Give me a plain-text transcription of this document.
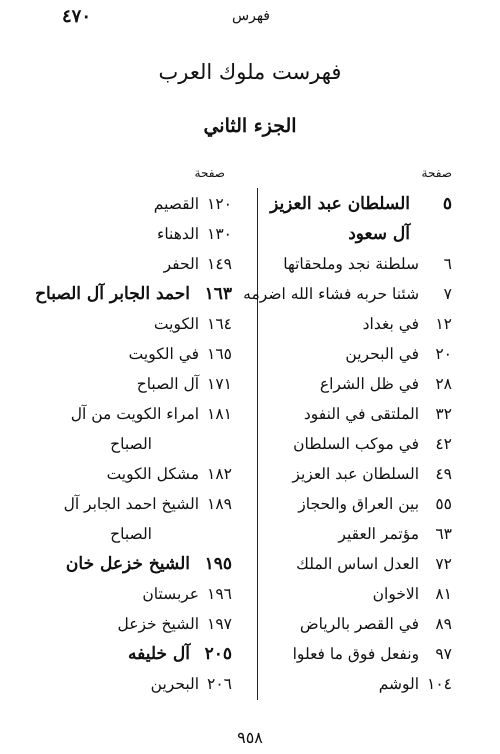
فهرس
٤٧٠
فهرست ملوك العرب
الجزء الثاني
صفحة
صفحة
٥السلطان عبد العزيز
آل سعود
٦ سلطنة نجد وملحقاتها
٧ شئنا حربه فشاء الله اضرمه
١٢ في بغداد
٢٠ في البحرين
٢٨ في ظل الشراع
٣٢ الملتقى في النفود
٤٢ في موكب السلطان
٤٩ السلطان عبد العزيز
٥٥ بين العراق والحجاز
٦٣ مؤتمر العقير
٧٢ العدل اساس الملك
٨١ الاخوان
٨٩ في القصر بالرياض
٩٧ ونفعل فوق ما فعلوا
١٠٤ الوشم
١٢٠ القصيم
١٣٠ الدهناء
١٤٩ الحفر
١٦٣احمد الجابر آل الصباح
١٦٤ الكويت
١٦٥ في الكويت
١٧١ آل الصباح
١٨١ امراء الكويت من آل
الصباح
١٨٢ مشكل الكويت
١٨٩ الشيخ احمد الجابر آل
الصباح
١٩٥الشيخ خزعل خان
١٩٦ عربستان
١٩٧ الشيخ خزعل
٢٠٥آل خليفه
٢٠٦ البحرين
٩٥٨
